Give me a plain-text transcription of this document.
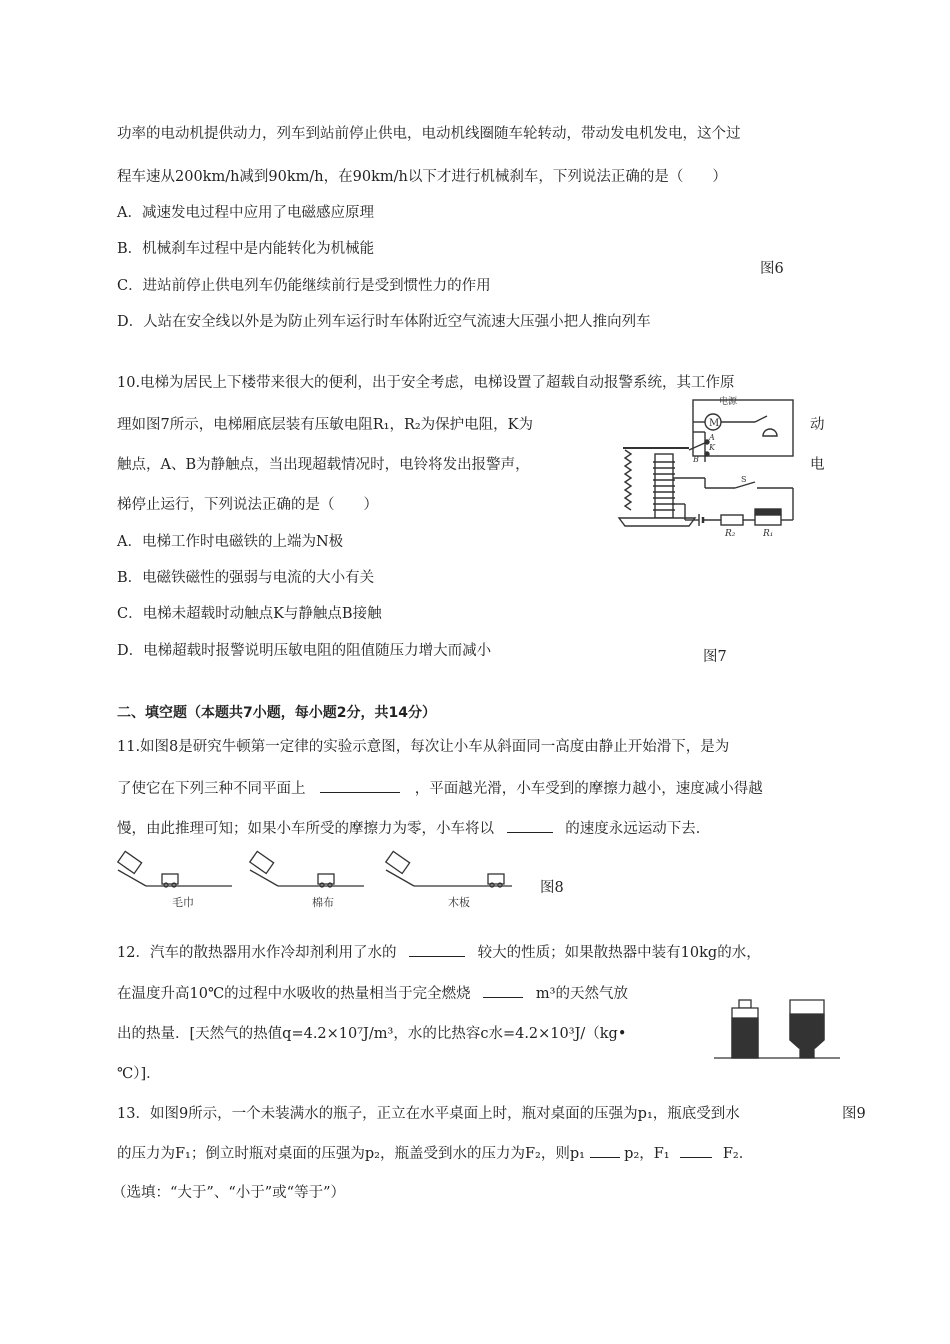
功率的电动机提供动力，列车到站前停止供电，电动机线圈随车轮转动，带动发电机发电，这个过
程车速从200km/h减到90km/h，在90km/h以下才进行机械刹车，下列说法正确的是（　　）
A．减速发电过程中应用了电磁感应原理
B．机械刹车过程中是内能转化为机械能
图6
C．进站前停止供电列车仍能继续前行是受到惯性力的作用
D．人站在安全线以外是为防止列车运行时车体附近空气流速大压强小把人推向列车
10.电梯为居民上下楼带来很大的便利，出于安全考虑，电梯设置了超载自动报警系统，其工作原
理如图7所示，电梯厢底层装有压敏电阻R₁，R₂为保护电阻，K为	动
触点，A、B为静触点，当出现超载情况时，电铃将发出报警声，	电
梯停止运行，下列说法正确的是（　　）
A．电梯工作时电磁铁的上端为N极
B．电磁铁磁性的强弱与电流的大小有关
C．电梯未超载时动触点K与静触点B接触
D．电梯超载时报警说明压敏电阻的阻值随压力增大而减小	图7
电源
M
A
K
B
S
R₂	R₁
二、填空题（本题共7小题，每小题2分，共14分）
11.如图8是研究牛顿第一定律的实验示意图，每次让小车从斜面同一高度由静止开始滑下，是为
了使它在下列三种不同平面上	，平面越光滑，小车受到的摩擦力越小，速度减小得越
慢，由此推理可知；如果小车所受的摩擦力为零，小车将以	的速度永远运动下去．
毛巾	棉布	木板
图8
12．汽车的散热器用水作冷却剂利用了水的	较大的性质；如果散热器中装有10kg的水，
在温度升高10℃的过程中水吸收的热量相当于完全燃烧	m³的天然气放
出的热量．[天然气的热值q=4.2×10⁷J/m³，水的比热容c水=4.2×10³J/（kg•
℃）]．
13．如图9所示，一个未装满水的瓶子，正立在水平桌面上时，瓶对桌面的压强为p₁，瓶底受到水	图9
的压力为F₁；倒立时瓶对桌面的压强为p₂，瓶盖受到水的压力为F₂，则p₁	p₂，F₁	F₂．
（选填：“大于”、“小于”或“等于”）
